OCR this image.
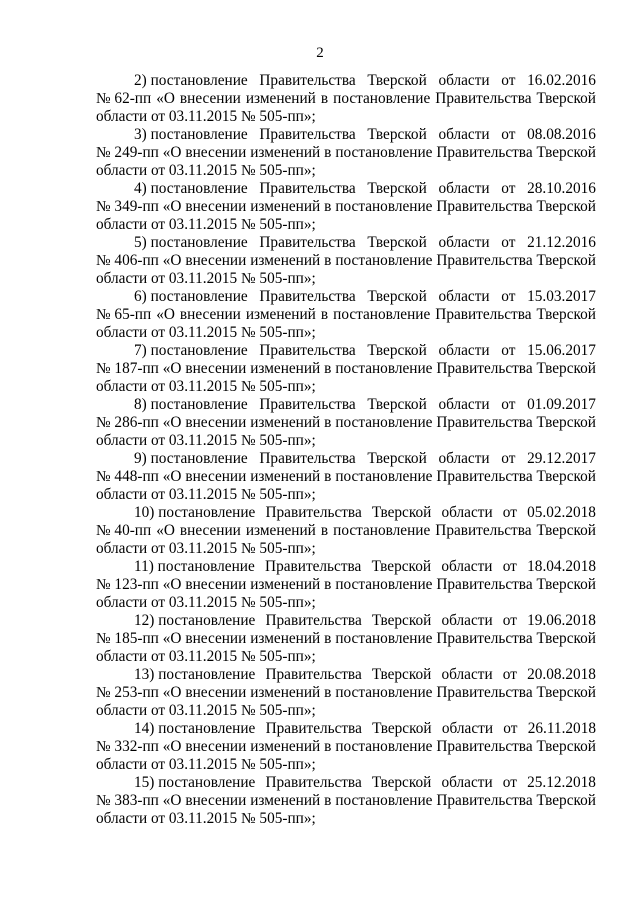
2
2) постановление Правительства Тверской области от 16.02.2016
№ 62-пп «О внесении изменений в постановление Правительства Тверской
области от 03.11.2015 № 505-пп»;
3) постановление Правительства Тверской области от 08.08.2016
№ 249-пп «О внесении изменений в постановление Правительства Тверской
области от 03.11.2015 № 505-пп»;
4) постановление Правительства Тверской области от 28.10.2016
№ 349-пп «О внесении изменений в постановление Правительства Тверской
области от 03.11.2015 № 505-пп»;
5) постановление Правительства Тверской области от 21.12.2016
№ 406-пп «О внесении изменений в постановление Правительства Тверской
области от 03.11.2015 № 505-пп»;
6) постановление Правительства Тверской области от 15.03.2017
№ 65-пп «О внесении изменений в постановление Правительства Тверской
области от 03.11.2015 № 505-пп»;
7) постановление Правительства Тверской области от 15.06.2017
№ 187-пп «О внесении изменений в постановление Правительства Тверской
области от 03.11.2015 № 505-пп»;
8) постановление Правительства Тверской области от 01.09.2017
№ 286-пп «О внесении изменений в постановление Правительства Тверской
области от 03.11.2015 № 505-пп»;
9) постановление Правительства Тверской области от 29.12.2017
№ 448-пп «О внесении изменений в постановление Правительства Тверской
области от 03.11.2015 № 505-пп»;
10) постановление Правительства Тверской области от 05.02.2018
№ 40-пп «О внесении изменений в постановление Правительства Тверской
области от 03.11.2015 № 505-пп»;
11) постановление Правительства Тверской области от 18.04.2018
№ 123-пп «О внесении изменений в постановление Правительства Тверской
области от 03.11.2015 № 505-пп»;
12) постановление Правительства Тверской области от 19.06.2018
№ 185-пп «О внесении изменений в постановление Правительства Тверской
области от 03.11.2015 № 505-пп»;
13) постановление Правительства Тверской области от 20.08.2018
№ 253-пп «О внесении изменений в постановление Правительства Тверской
области от 03.11.2015 № 505-пп»;
14) постановление Правительства Тверской области от 26.11.2018
№ 332-пп «О внесении изменений в постановление Правительства Тверской
области от 03.11.2015 № 505-пп»;
15) постановление Правительства Тверской области от 25.12.2018
№ 383-пп «О внесении изменений в постановление Правительства Тверской
области от 03.11.2015 № 505-пп»;
